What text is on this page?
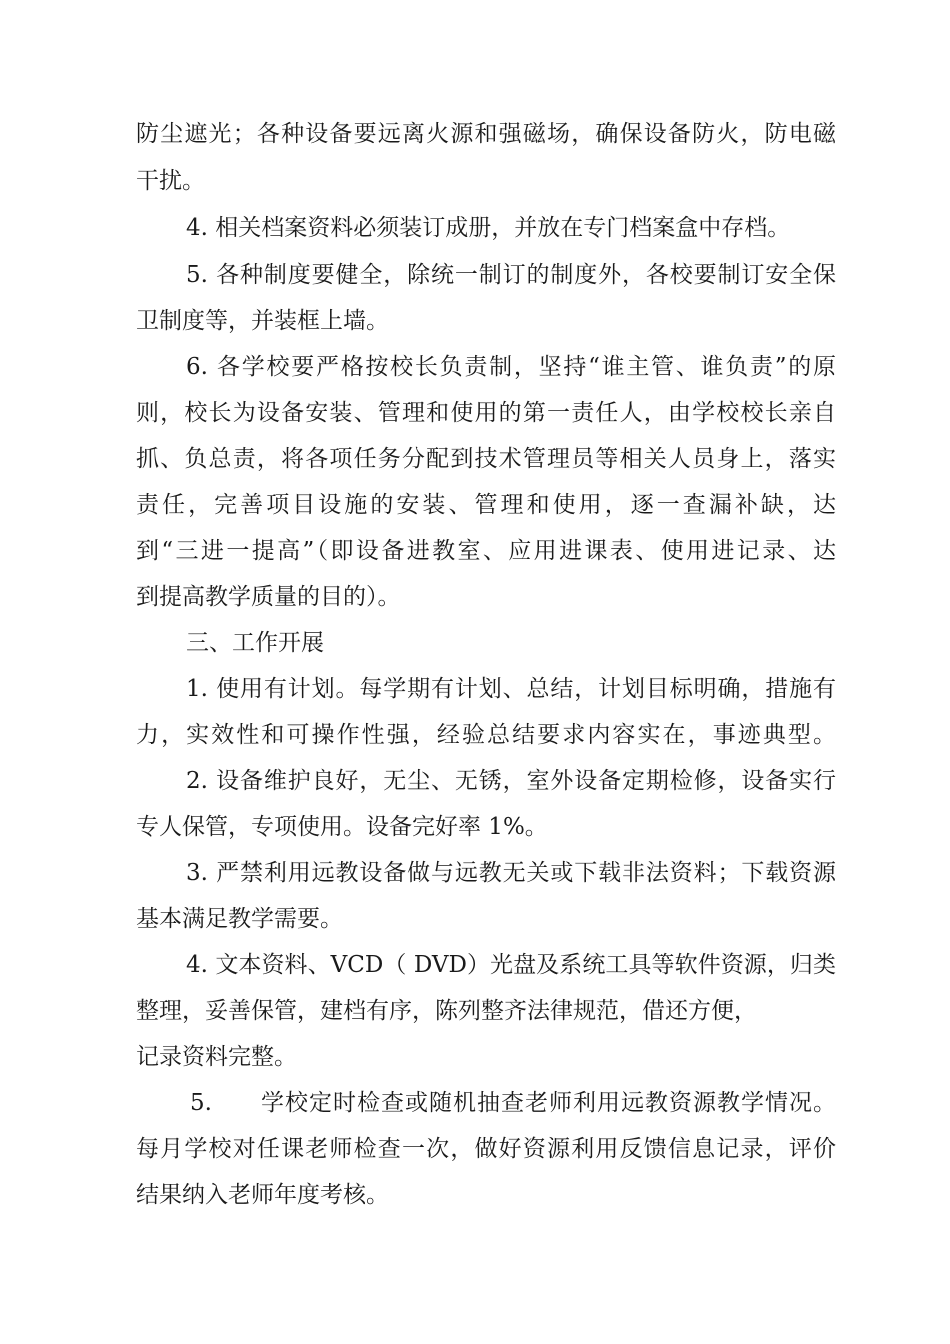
防尘遮光；各种设备要远离火源和强磁场，确保设备防火，防电磁
干扰。
4. 相关档案资料必须装订成册，并放在专门档案盒中存档。
5. 各种制度要健全，除统一制订的制度外，各校要制订安全保
卫制度等，并装框上墙。
6. 各学校要严格按校长负责制，坚持“谁主管、谁负责”的原
则，校长为设备安装、管理和使用的第一责任人，由学校校长亲自
抓、负总责，将各项任务分配到技术管理员等相关人员身上，落实
责任，完善项目设施的安装、管理和使用，逐一查漏补缺，达
到“三进一提高”（即设备进教室、应用进课表、使用进记录、达
到提高教学质量的目的）。
三、工作开展
1. 使用有计划。每学期有计划、总结，计划目标明确，措施有
力，实效性和可操作性强，经验总结要求内容实在，事迹典型。
2. 设备维护良好，无尘、无锈，室外设备定期检修，设备实行
专人保管，专项使用。设备完好率 1%。
3. 严禁利用远教设备做与远教无关或下载非法资料；下载资源
基本满足教学需要。
4. 文本资料、VCD（ DVD）光盘及系统工具等软件资源，归类
整理，妥善保管，建档有序，陈列整齐法律规范，借还方便，
记录资料完整。
5.　　学校定时检查或随机抽查老师利用远教资源教学情况。
每月学校对任课老师检查一次，做好资源利用反馈信息记录，评价
结果纳入老师年度考核。
